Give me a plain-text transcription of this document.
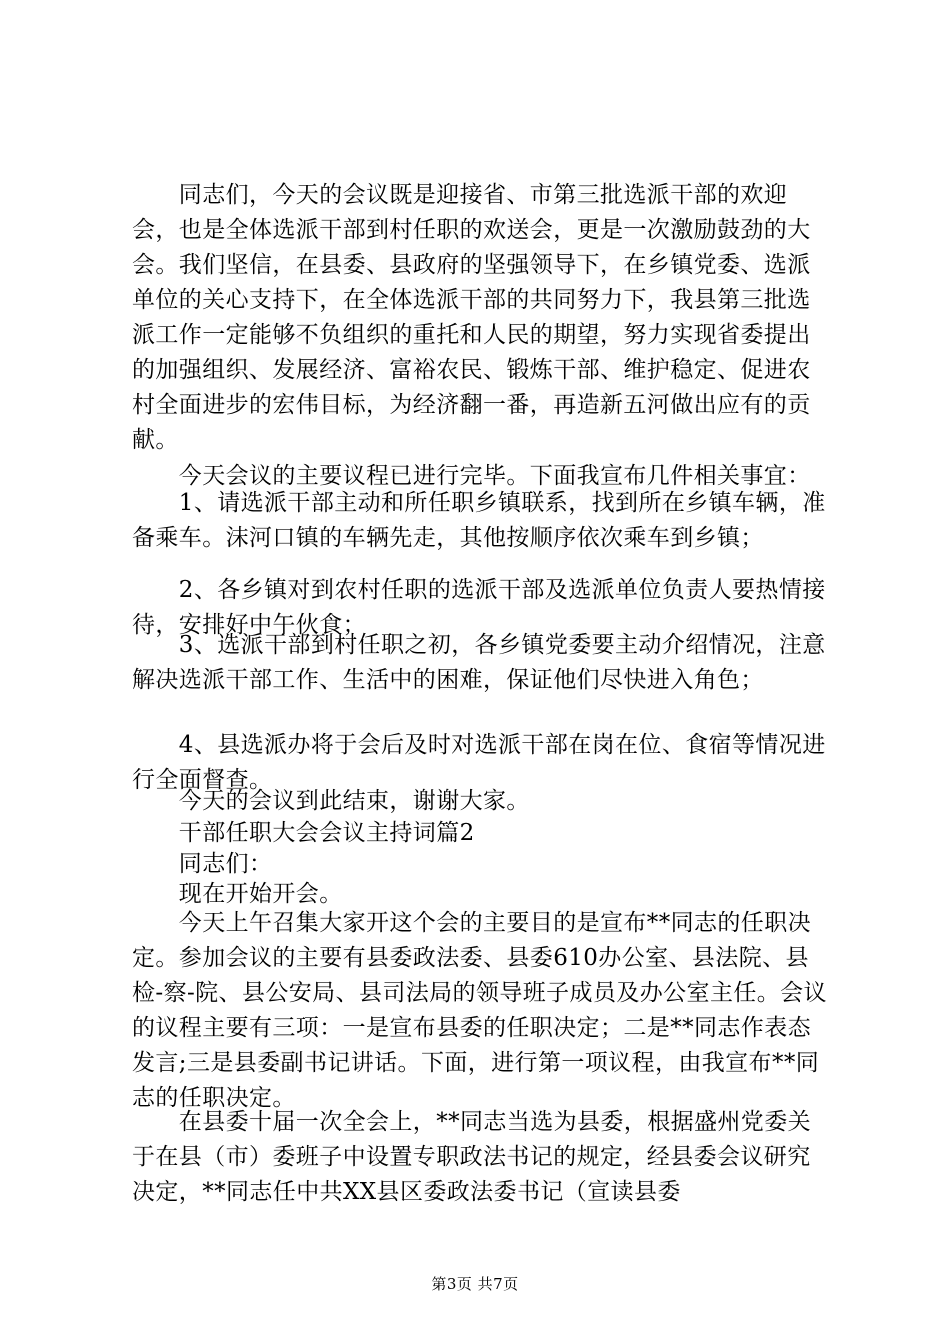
　　同志们，今天的会议既是迎接省、市第三批选派干部的欢迎会，也是全体选派干部到村任职的欢送会，更是一次激励鼓劲的大会。我们坚信，在县委、县政府的坚强领导下，在乡镇党委、选派单位的关心支持下，在全体选派干部的共同努力下，我县第三批选派工作一定能够不负组织的重托和人民的期望，努力实现省委提出的加强组织、发展经济、富裕农民、锻炼干部、维护稳定、促进农村全面进步的宏伟目标，为经济翻一番，再造新五河做出应有的贡献。
　　今天会议的主要议程已进行完毕。下面我宣布几件相关事宜：
　　1、请选派干部主动和所任职乡镇联系，找到所在乡镇车辆，准备乘车。沫河口镇的车辆先走，其他按顺序依次乘车到乡镇；
　　2、各乡镇对到农村任职的选派干部及选派单位负责人要热情接待，安排好中午伙食；
　　3、选派干部到村任职之初，各乡镇党委要主动介绍情况，注意解决选派干部工作、生活中的困难，保证他们尽快进入角色；
　　4、县选派办将于会后及时对选派干部在岗在位、食宿等情况进行全面督查。
　　今天的会议到此结束，谢谢大家。
　　干部任职大会会议主持词篇2
　　同志们：
　　现在开始开会。
　　今天上午召集大家开这个会的主要目的是宣布**同志的任职决定。参加会议的主要有县委政法委、县委610办公室、县法院、县检-察-院、县公安局、县司法局的领导班子成员及办公室主任。会议的议程主要有三项：一是宣布县委的任职决定；二是**同志作表态发言;三是县委副书记讲话。下面，进行第一项议程，由我宣布**同志的任职决定。
　　在县委十届一次全会上，**同志当选为县委，根据盛州党委关于在县（市）委班子中设置专职政法书记的规定，经县委会议研究决定，**同志任中共XX县区委政法委书记（宣读县委
第3页 共7页
